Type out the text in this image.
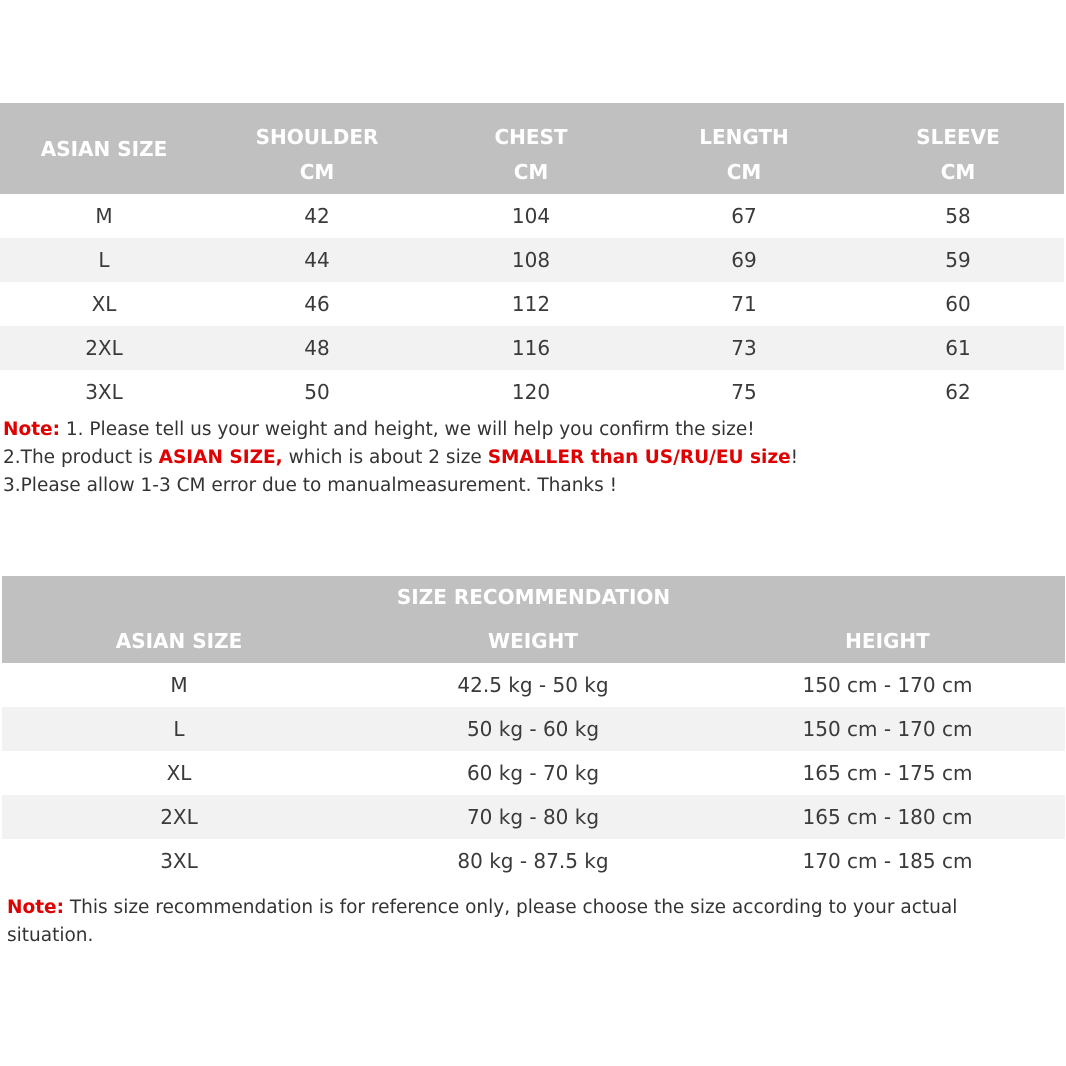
ASIAN SIZE	SHOULDER	CHEST	LENGTH	SLEEVE
	CM	CM	CM	CM
M	42	104	67	58
L	44	108	69	59
XL	46	112	71	60
2XL	48	116	73	61
3XL	50	120	75	62
Note: 1. Please tell us your weight and height, we will help you confirm the size!
2.The product is ASIAN SIZE, which is about 2 size SMALLER than US/RU/EU size!
3.Please allow 1-3 CM error due to manualmeasurement. Thanks !
SIZE RECOMMENDATION		
ASIAN SIZE	WEIGHT	HEIGHT
M	42.5 kg - 50 kg	150 cm - 170 cm
L	50 kg - 60 kg	150 cm - 170 cm
XL	60 kg - 70 kg	165 cm - 175 cm
2XL	70 kg - 80 kg	165 cm - 180 cm
3XL	80 kg - 87.5 kg	170 cm - 185 cm
Note: This size recommendation is for reference only, please choose the size according to your actual situation.
